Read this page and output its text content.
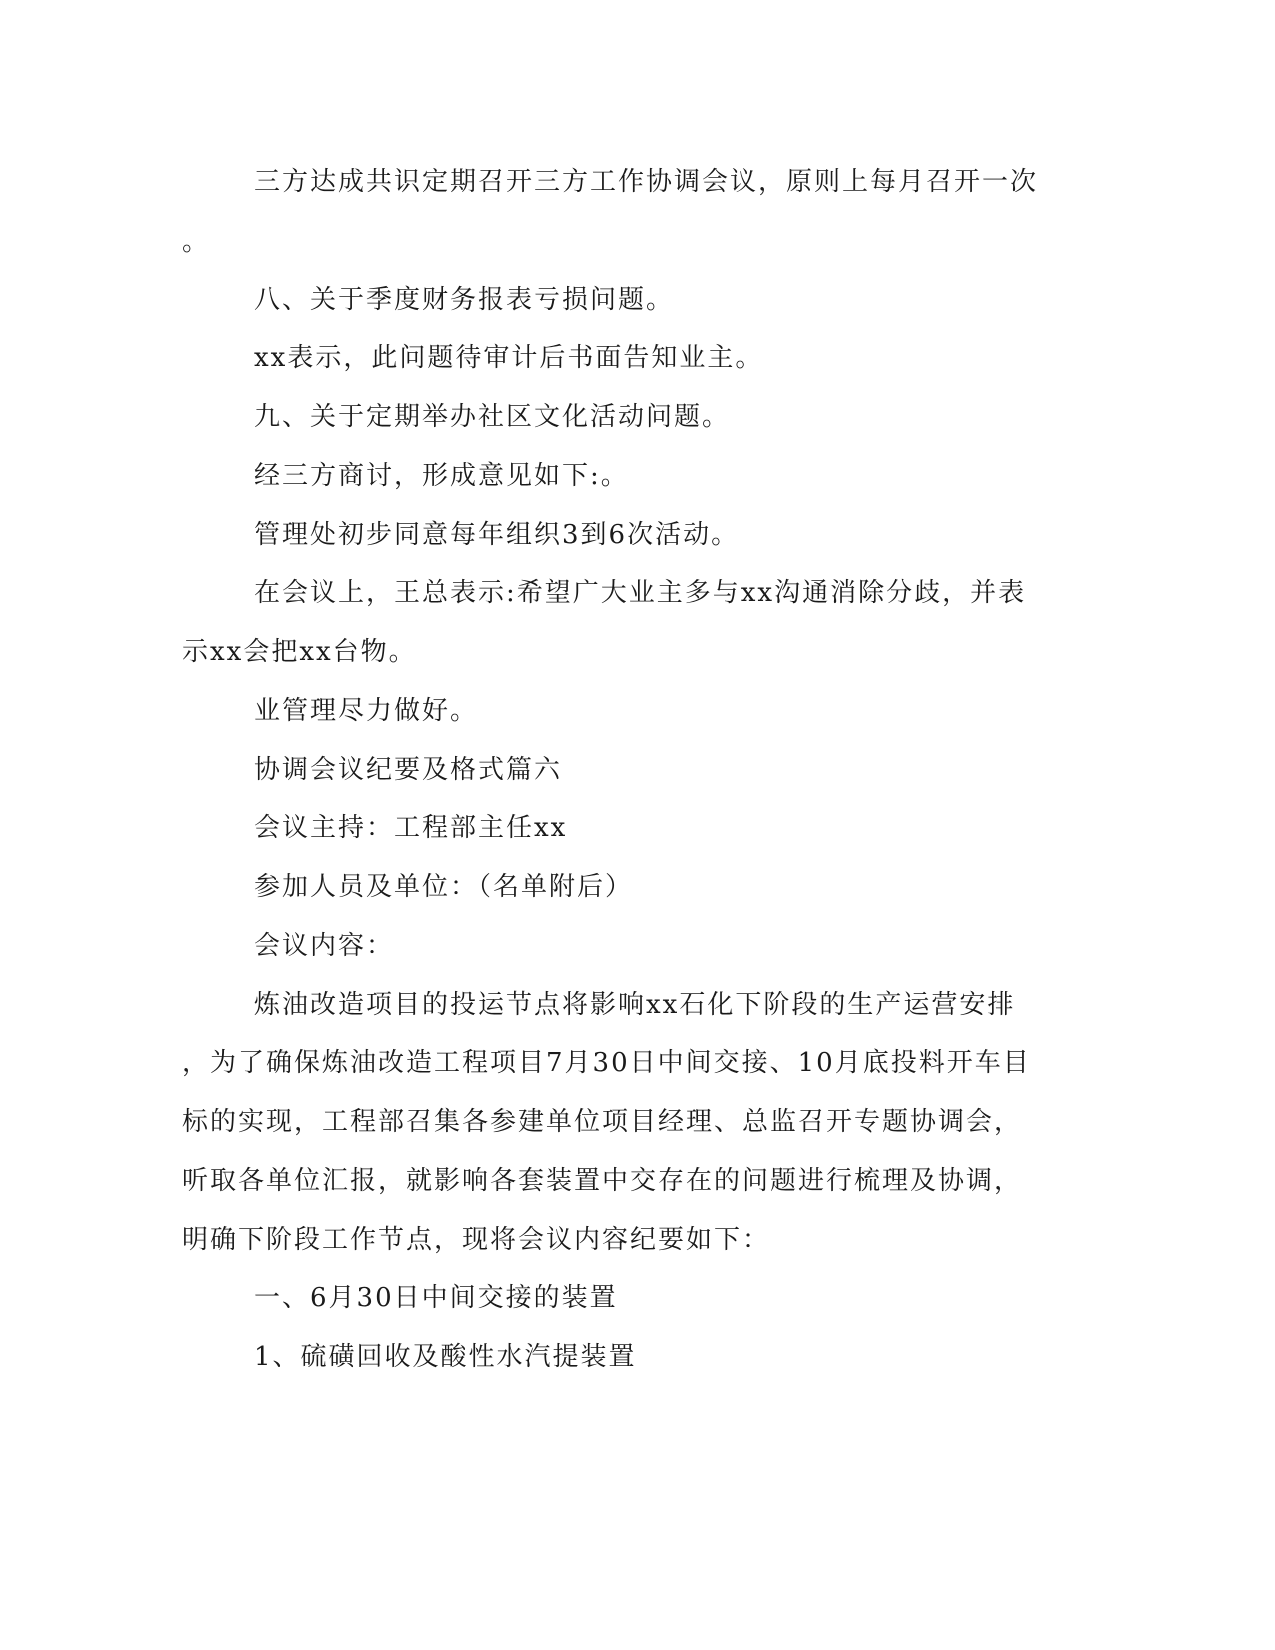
三方达成共识定期召开三方工作协调会议，原则上每月召开一次
。
八、关于季度财务报表亏损问题。
xx表示，此问题待审计后书面告知业主。
九、关于定期举办社区文化活动问题。
经三方商讨，形成意见如下:。
管理处初步同意每年组织3到6次活动。
在会议上，王总表示:希望广大业主多与xx沟通消除分歧，并表
示xx会把xx台物。
业管理尽力做好。
协调会议纪要及格式篇六
会议主持：工程部主任xx
参加人员及单位：（名单附后）
会议内容：
炼油改造项目的投运节点将影响xx石化下阶段的生产运营安排
，为了确保炼油改造工程项目7月30日中间交接、10月底投料开车目
标的实现，工程部召集各参建单位项目经理、总监召开专题协调会，
听取各单位汇报，就影响各套装置中交存在的问题进行梳理及协调，
明确下阶段工作节点，现将会议内容纪要如下：
一、6月30日中间交接的装置
1、硫磺回收及酸性水汽提装置
